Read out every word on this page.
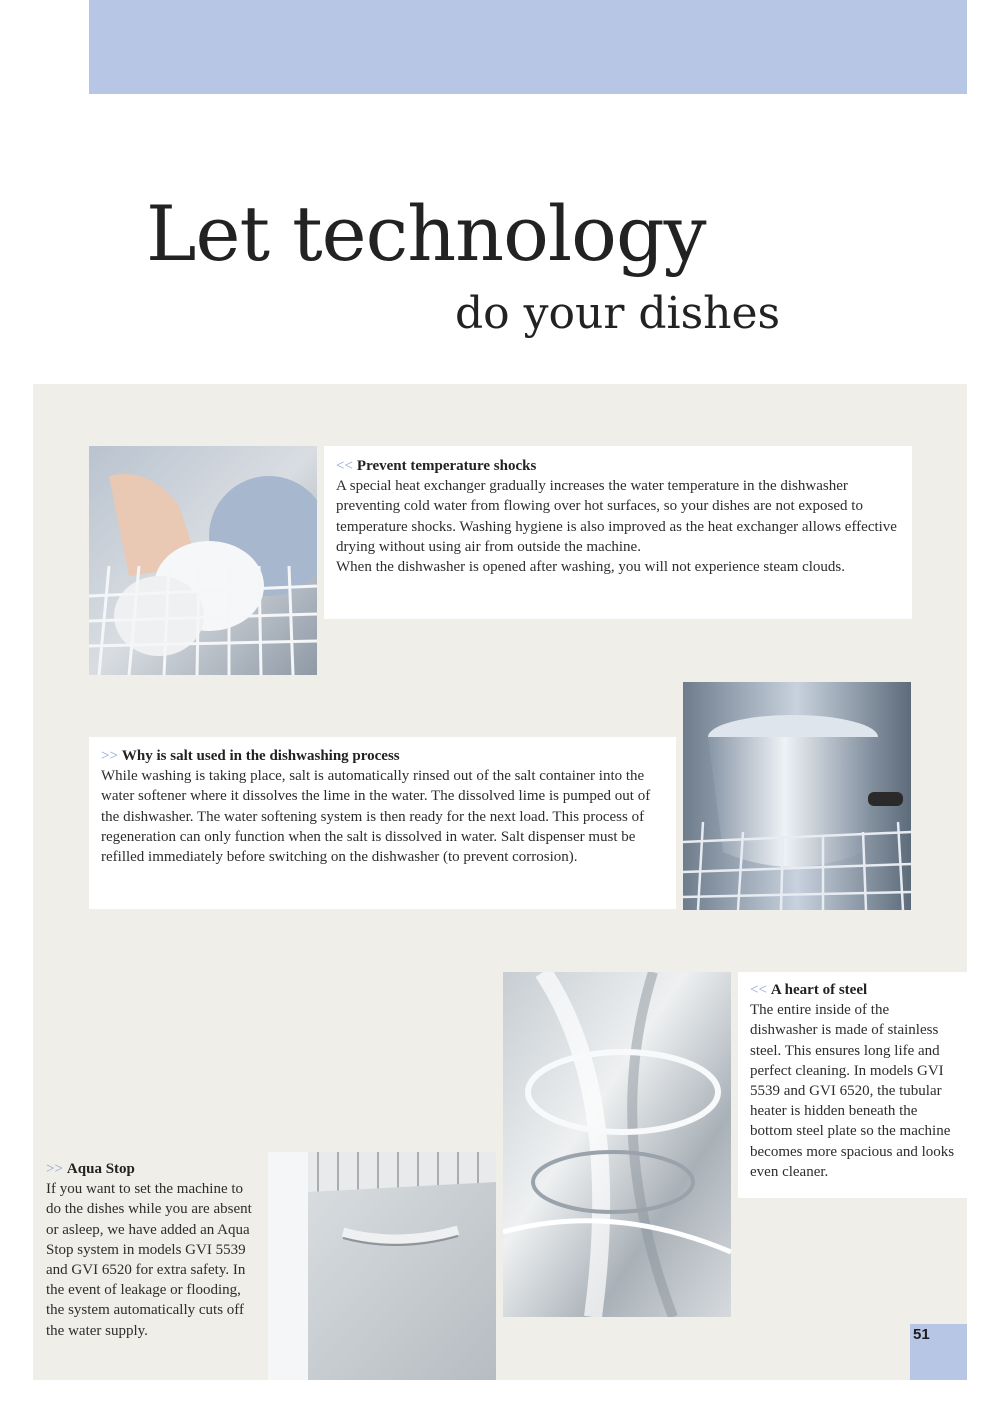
Let technology
do your dishes
<< Prevent temperature shocks
A special heat exchanger gradually increases the water temperature in the dishwasher preventing cold water from flowing over hot surfaces, so your dishes are not exposed to temperature shocks. Washing hygiene is also improved as the heat exchanger allows effective drying without using air from outside the machine.
When the dishwasher is opened after washing, you will not experience steam clouds.
>> Why is salt used in the dishwashing process
While washing is taking place, salt is automatically rinsed out of the salt container into the water softener where it dissolves the lime in the water. The dissolved lime is pumped out of the dishwasher. The water softening system is then ready for the next load. This process of regeneration can only function when the salt is dissolved in water. Salt dispenser must be refilled immediately before switching on the dishwasher (to prevent corrosion).
<< A heart of steel
The entire inside of the dishwasher is made of stainless steel. This ensures long life and perfect cleaning. In models GVI 5539 and GVI 6520, the tubular heater is hidden beneath the bottom steel plate so the machine becomes more spacious and looks even cleaner.
>> Aqua Stop
If you want to set the machine to do the dishes while you are absent or asleep, we have added an Aqua Stop system in models GVI 5539 and GVI 6520 for extra safety. In the event of leakage or flooding, the system automatically cuts off the water supply.	51
